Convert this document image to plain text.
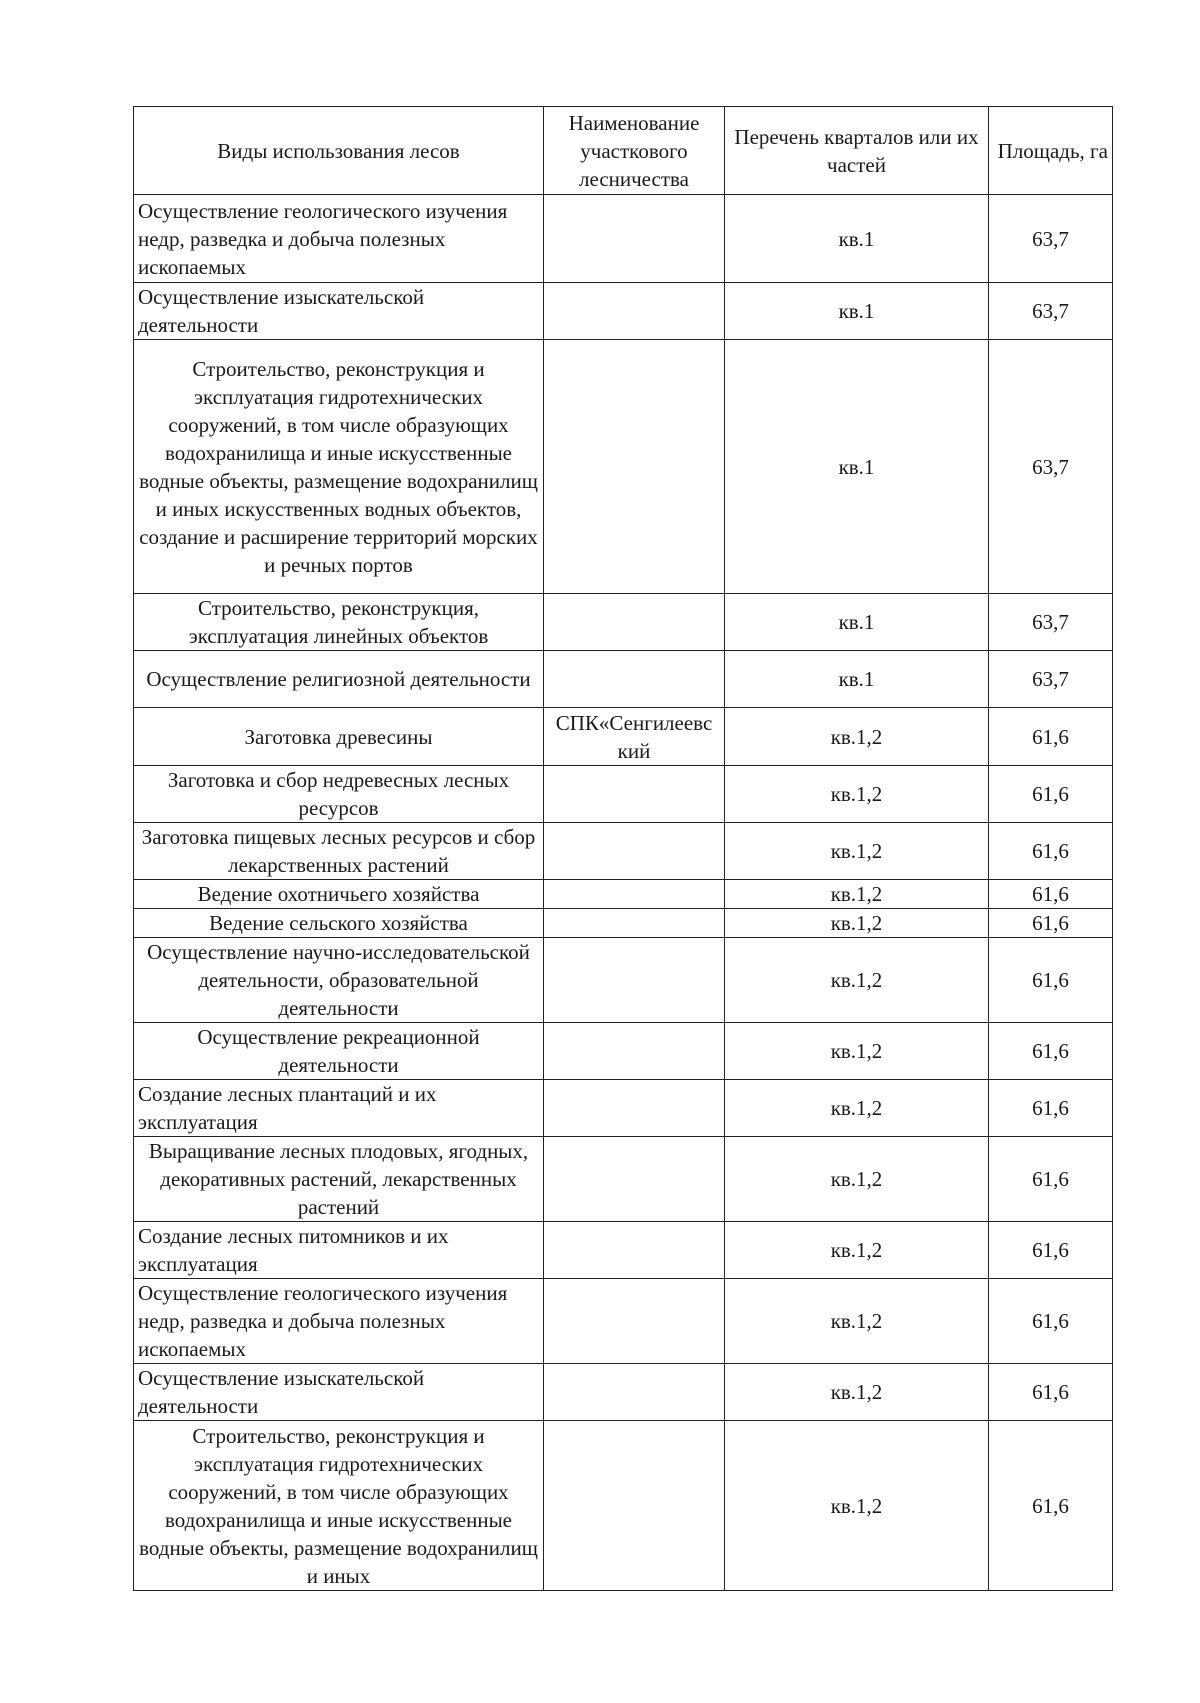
Виды использования лесов	Наименование участкового лесничества	Перечень кварталов или их частей	Площадь, га
Осуществление геологического изучения недр, разведка и добыча полезных ископаемых		кв.1	63,7
Осуществление изыскательской деятельности		кв.1	63,7
Строительство, реконструкция и эксплуатация гидротехнических сооружений, в том числе образующих водохранилища и иные искусственные водные объекты, размещение водохранилищ и иных искусственных водных объектов, создание и расширение территорий морских и речных портов		кв.1	63,7
Строительство, реконструкция, эксплуатация линейных объектов		кв.1	63,7
Осуществление религиозной деятельности		кв.1	63,7
Заготовка древесины	СПК«Сенгилеевс кий	кв.1,2	61,6
Заготовка и сбор недревесных лесных ресурсов		кв.1,2	61,6
Заготовка пищевых лесных ресурсов и сбор лекарственных растений		кв.1,2	61,6
Ведение охотничьего хозяйства		кв.1,2	61,6
Ведение сельского хозяйства		кв.1,2	61,6
Осуществление научно-исследовательской деятельности, образовательной деятельности		кв.1,2	61,6
Осуществление рекреационной деятельности		кв.1,2	61,6
Создание лесных плантаций и их эксплуатация		кв.1,2	61,6
Выращивание лесных плодовых, ягодных, декоративных растений, лекарственных растений		кв.1,2	61,6
Создание лесных питомников и их эксплуатация		кв.1,2	61,6
Осуществление геологического изучения недр, разведка и добыча полезных ископаемых		кв.1,2	61,6
Осуществление изыскательской деятельности		кв.1,2	61,6
Строительство, реконструкция и эксплуатация гидротехнических сооружений, в том числе образующих водохранилища и иные искусственные водные объекты, размещение водохранилищ и иных		кв.1,2	61,6
